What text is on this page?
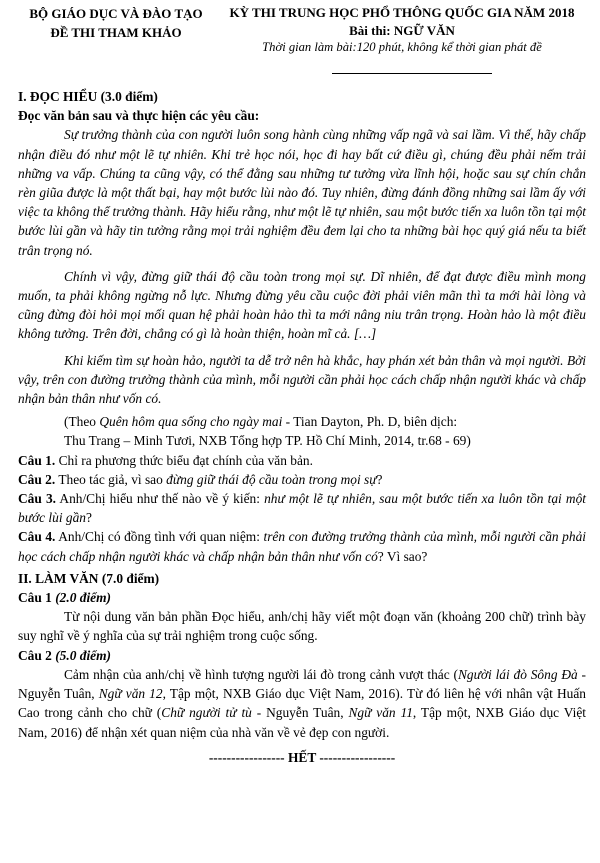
BỘ GIÁO DỤC VÀ ĐÀO TẠO
ĐỀ THI THAM KHẢO
KỲ THI TRUNG HỌC PHỔ THÔNG QUỐC GIA NĂM 2018
Bài thi: NGỮ VĂN
Thời gian làm bài:120 phút, không kể thời gian phát đề
I. ĐỌC HIỂU (3.0 điểm)
Đọc văn bản sau và thực hiện các yêu cầu:

Sự trưởng thành của con người luôn song hành cùng những vấp ngã và sai lầm. Vì thế, hãy chấp nhận điều đó như một lẽ tự nhiên. Khi trẻ học nói, học đi hay bất cứ điều gì, chúng đều phải nếm trải những va vấp. Chúng ta cũng vậy, có thể đằng sau những tư tưởng vừa lĩnh hội, hoặc sau sự chín chắn rèn giũa được là một thất bại, hay một bước lùi nào đó. Tuy nhiên, đừng đánh đồng những sai lầm ấy với việc ta không thể trưởng thành. Hãy hiểu rằng, như một lẽ tự nhiên, sau một bước tiến xa luôn tồn tại một bước lùi gần và hãy tin tưởng rằng mọi trải nghiệm đều đem lại cho ta những bài học quý giá nếu ta biết trân trọng nó.

Chính vì vậy, đừng giữ thái độ cầu toàn trong mọi sự. Dĩ nhiên, để đạt được điều mình mong muốn, ta phải không ngừng nỗ lực. Nhưng đừng yêu cầu cuộc đời phải viên mãn thì ta mới hài lòng và cũng đừng đòi hỏi mọi mối quan hệ phải hoàn hảo thì ta mới nâng niu trân trọng. Hoàn hảo là một điều không tưởng. Trên đời, chẳng có gì là hoàn thiện, hoàn mĩ cả. […]

Khi kiếm tìm sự hoàn hảo, người ta dễ trở nên hà khắc, hay phán xét bản thân và mọi người. Bởi vậy, trên con đường trưởng thành của mình, mỗi người cần phải học cách chấp nhận người khác và chấp nhận bản thân như vốn có.

(Theo Quên hôm qua sống cho ngày mai - Tian Dayton, Ph. D, biên dịch:
Thu Trang – Minh Tươi, NXB Tổng hợp TP. Hồ Chí Minh, 2014, tr.68 - 69)

Câu 1. Chỉ ra phương thức biểu đạt chính của văn bản.

Câu 2. Theo tác giả, vì sao đừng giữ thái độ cầu toàn trong mọi sự?

Câu 3. Anh/Chị hiểu như thế nào về ý kiến: như một lẽ tự nhiên, sau một bước tiến xa luôn tồn tại một bước lùi gần?

Câu 4. Anh/Chị có đồng tình với quan niệm: trên con đường trưởng thành của mình, mỗi người cần phải học cách chấp nhận người khác và chấp nhận bản thân như vốn có? Vì sao?

II. LÀM VĂN (7.0 điểm)
Câu 1 (2.0 điểm)

Từ nội dung văn bản phần Đọc hiểu, anh/chị hãy viết một đoạn văn (khoảng 200 chữ) trình bày suy nghĩ về ý nghĩa của sự trải nghiệm trong cuộc sống.

Câu 2 (5.0 điểm)

Cảm nhận của anh/chị về hình tượng người lái đò trong cảnh vượt thác (Người lái đò Sông Đà - Nguyễn Tuân, Ngữ văn 12, Tập một, NXB Giáo dục Việt Nam, 2016). Từ đó liên hệ với nhân vật Huấn Cao trong cảnh cho chữ (Chữ người tử tù - Nguyễn Tuân, Ngữ văn 11, Tập một, NXB Giáo dục Việt Nam, 2016) để nhận xét quan niệm của nhà văn về vẻ đẹp con người.

----------------- HẾT -----------------
